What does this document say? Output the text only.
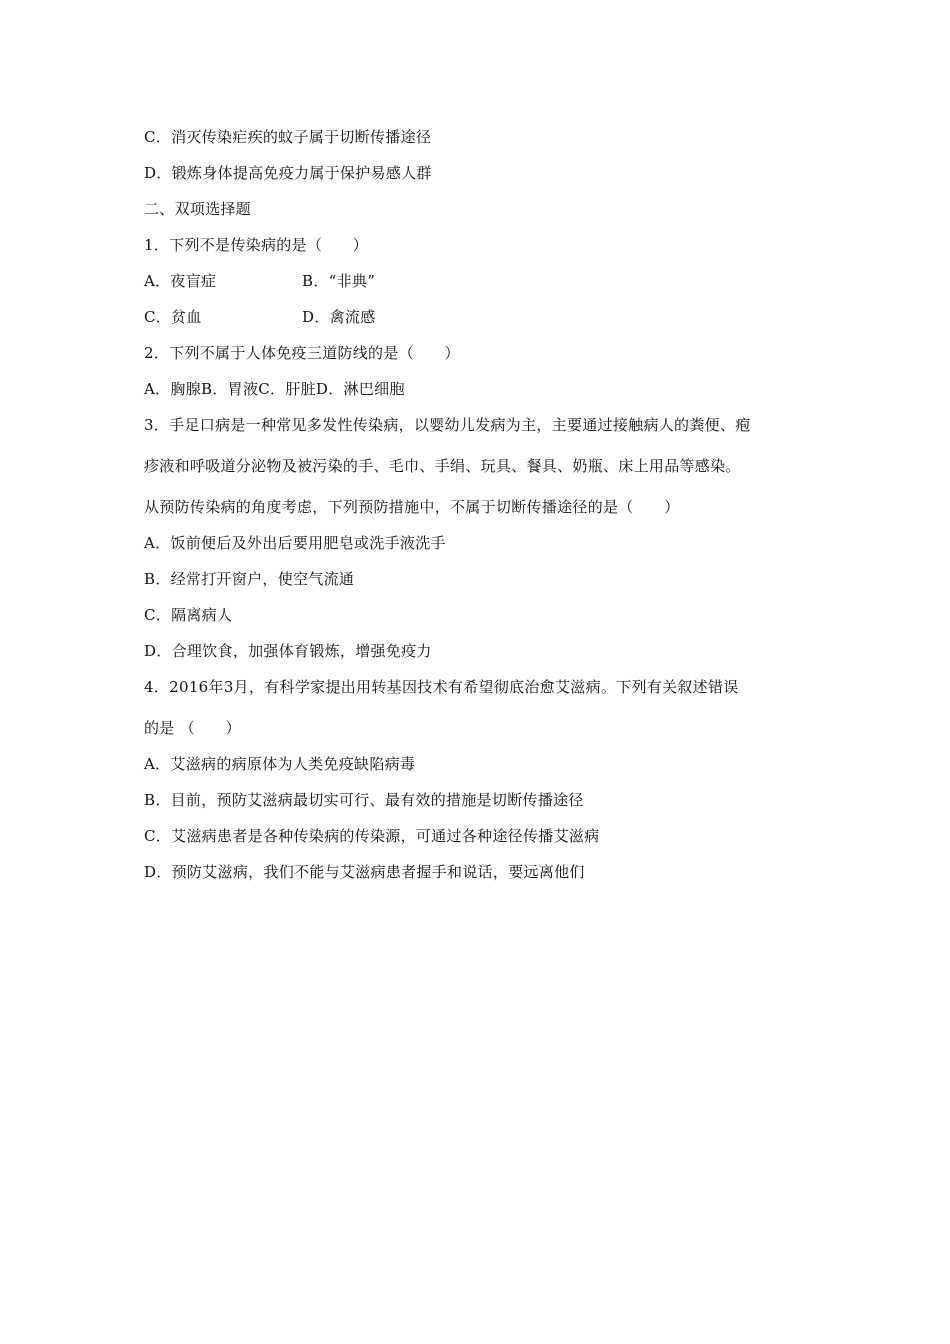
C．消灭传染疟疾的蚊子属于切断传播途径
D．锻炼身体提高免疫力属于保护易感人群
二、双项选择题
1．下列不是传染病的是（　　）
A．夜盲症	B．“非典”
C．贫血	D．禽流感
2．下列不属于人体免疫三道防线的是（　　）
A．胸腺B．胃液C．肝脏D．淋巴细胞
3．手足口病是一种常见多发性传染病，以婴幼儿发病为主，主要通过接触病人的粪便、疱
疹液和呼吸道分泌物及被污染的手、毛巾、手绢、玩具、餐具、奶瓶、床上用品等感染。
从预防传染病的角度考虑，下列预防措施中，不属于切断传播途径的是（　　）
A．饭前便后及外出后要用肥皂或洗手液洗手
B．经常打开窗户，使空气流通
C．隔离病人
D．合理饮食，加强体育锻炼，增强免疫力
4．2016年3月，有科学家提出用转基因技术有希望彻底治愈艾滋病。下列有关叙述错误
的是 （　　）
A．艾滋病的病原体为人类免疫缺陷病毒
B．目前，预防艾滋病最切实可行、最有效的措施是切断传播途径
C．艾滋病患者是各种传染病的传染源，可通过各种途径传播艾滋病
D．预防艾滋病，我们不能与艾滋病患者握手和说话，要远离他们
